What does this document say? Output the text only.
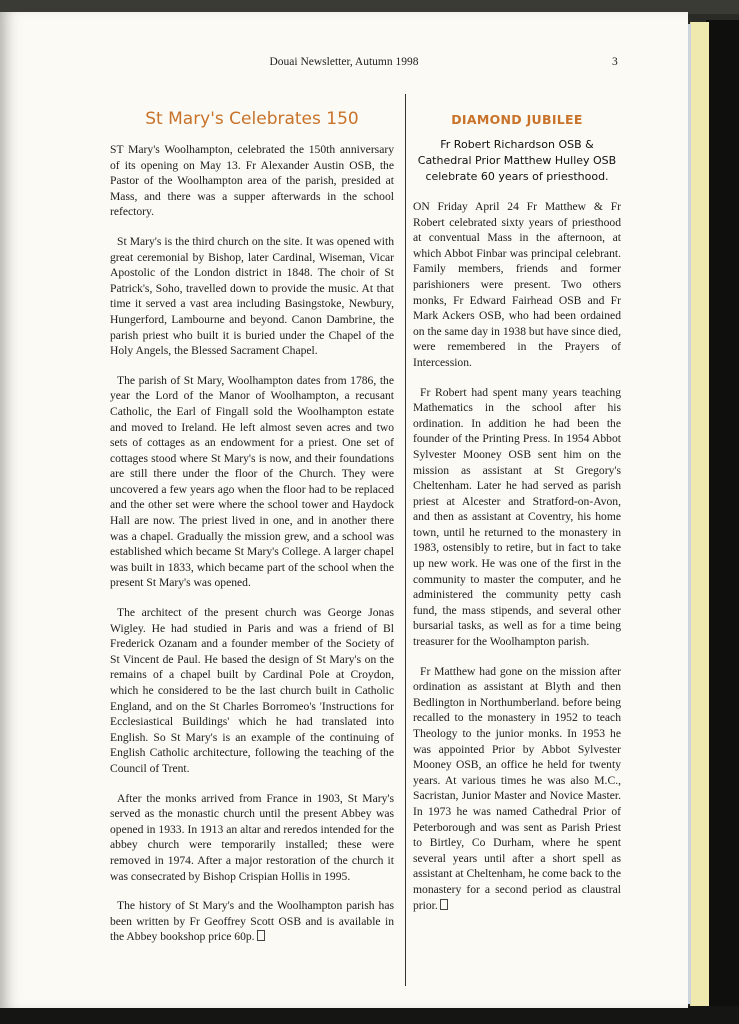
Douai Newsletter, Autumn 1998	3
St Mary's Celebrates 150

ST Mary's Woolhampton, celebrated the 150th anniversary of its opening on May 13. Fr Alexander Austin OSB, the Pastor of the Woolhampton area of the parish, presided at Mass, and there was a supper afterwards in the school refectory.

St Mary's is the third church on the site. It was opened with great ceremonial by Bishop, later Cardinal, Wiseman, Vicar Apostolic of the London district in 1848. The choir of St Patrick's, Soho, travelled down to provide the music. At that time it served a vast area including Basingstoke, Newbury, Hungerford, Lambourne and beyond. Canon Dambrine, the parish priest who built it is buried under the Chapel of the Holy Angels, the Blessed Sacrament Chapel.

The parish of St Mary, Woolhampton dates from 1786, the year the Lord of the Manor of Woolhampton, a recusant Catholic, the Earl of Fingall sold the Woolhampton estate and moved to Ireland. He left almost seven acres and two sets of cottages as an endowment for a priest. One set of cottages stood where St Mary's is now, and their foundations are still there under the floor of the Church. They were uncovered a few years ago when the floor had to be replaced and the other set were where the school tower and Haydock Hall are now. The priest lived in one, and in another there was a chapel. Gradually the mission grew, and a school was established which became St Mary's College. A larger chapel was built in 1833, which became part of the school when the present St Mary's was opened.

The architect of the present church was George Jonas Wigley. He had studied in Paris and was a friend of Bl Frederick Ozanam and a founder member of the Society of St Vincent de Paul. He based the design of St Mary's on the remains of a chapel built by Cardinal Pole at Croydon, which he considered to be the last church built in Catholic England, and on the St Charles Borromeo's 'Instructions for Ecclesiastical Buildings' which he had translated into English. So St Mary's is an example of the continuing of English Catholic architecture, following the teaching of the Council of Trent.

After the monks arrived from France in 1903, St Mary's served as the monastic church until the present Abbey was opened in 1933. In 1913 an altar and reredos intended for the abbey church were temporarily installed; these were removed in 1974. After a major restoration of the church it was consecrated by Bishop Crispian Hollis in 1995.

The history of St Mary's and the Woolhampton parish has been written by Fr Geoffrey Scott OSB and is available in the Abbey bookshop price 60p.

DIAMOND JUBILEE
Fr Robert Richardson OSB &
Cathedral Prior Matthew Hulley OSB
celebrate 60 years of priesthood.

ON Friday April 24 Fr Matthew & Fr Robert celebrated sixty years of priesthood at conventual Mass in the afternoon, at which Abbot Finbar was principal celebrant. Family members, friends and former parishioners were present. Two others monks, Fr Edward Fairhead OSB and Fr Mark Ackers OSB, who had been ordained on the same day in 1938 but have since died, were remembered in the Prayers of Intercession.

Fr Robert had spent many years teaching Mathematics in the school after his ordination. In addition he had been the founder of the Printing Press. In 1954 Abbot Sylvester Mooney OSB sent him on the mission as assistant at St Gregory's Cheltenham. Later he had served as parish priest at Alcester and Stratford-on-Avon, and then as assistant at Coventry, his home town, until he returned to the monastery in 1983, ostensibly to retire, but in fact to take up new work. He was one of the first in the community to master the computer, and he administered the community petty cash fund, the mass stipends, and several other bursarial tasks, as well as for a time being treasurer for the Woolhampton parish.

Fr Matthew had gone on the mission after ordination as assistant at Blyth and then Bedlington in Northumberland. before being recalled to the monastery in 1952 to teach Theology to the junior monks. In 1953 he was appointed Prior by Abbot Sylvester Mooney OSB, an office he held for twenty years. At various times he was also M.C., Sacristan, Junior Master and Novice Master. In 1973 he was named Cathedral Prior of Peterborough and was sent as Parish Priest to Birtley, Co Durham, where he spent several years until after a short spell as assistant at Cheltenham, he come back to the monastery for a second period as claustral prior.
